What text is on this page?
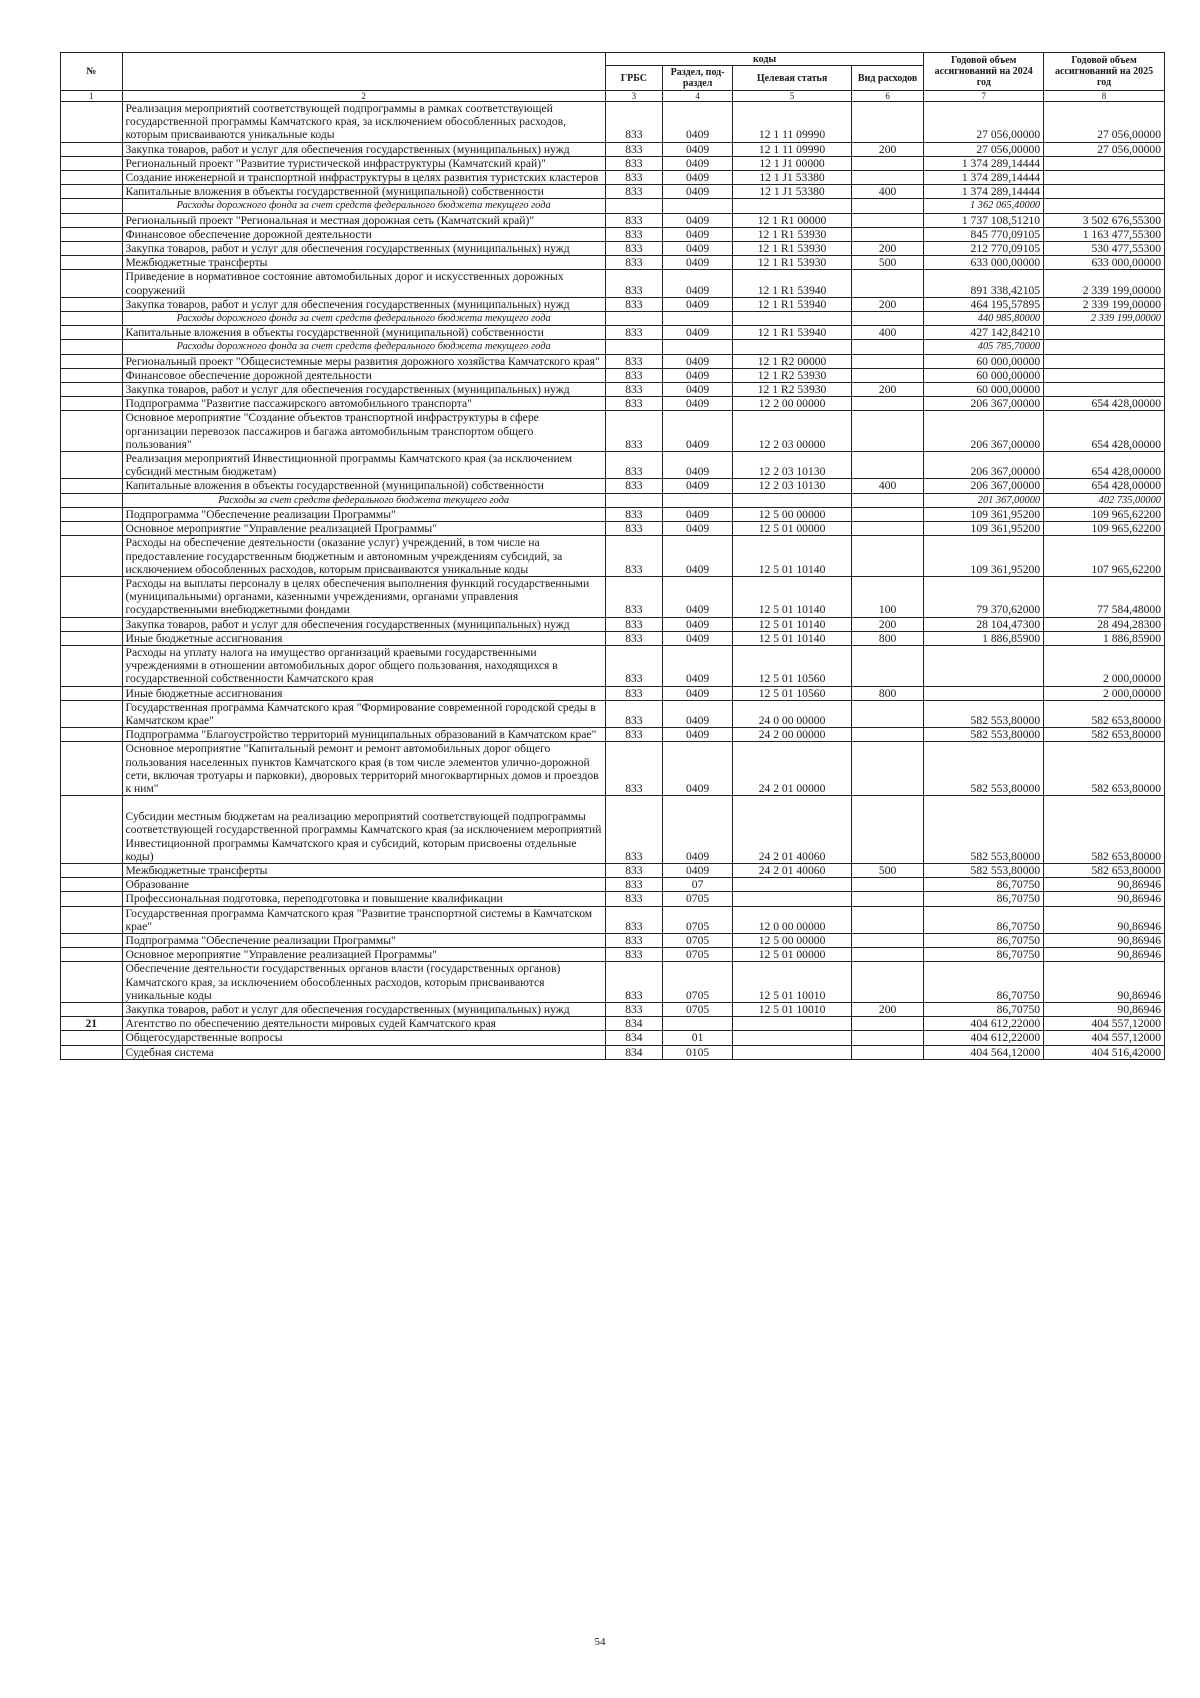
№		коды				Годовой объем ассигнований на 2024 год	Годовой объем ассигнований на 2025 год
		ГРБС	Раздел, под-раздел	Целевая статья	Вид расходов		
1	2	3	4	5	6	7	8
	Реализация мероприятий соответствующей подпрограммы в рамках соответствующей государственной программы Камчатского края, за исключением обособленных расходов, которым присваиваются уникальные коды	833	0409	12 1 11 09990		27 056,00000	27 056,00000
	Закупка товаров, работ и услуг для обеспечения государственных (муниципальных) нужд	833	0409	12 1 11 09990	200	27 056,00000	27 056,00000
	Региональный проект "Развитие туристической инфраструктуры (Камчатский край)"	833	0409	12 1 J1 00000		1 374 289,14444	
	Создание инженерной и транспортной инфраструктуры в целях развития туристских кластеров	833	0409	12 1 J1 53380		1 374 289,14444	
	Капитальные вложения в объекты государственной (муниципальной) собственности	833	0409	12 1 J1 53380	400	1 374 289,14444	
	Расходы дорожного фонда за счет средств федерального бюджета текущего года					1 362 065,40000	
	Региональный проект "Региональная и местная дорожная сеть (Камчатский край)"	833	0409	12 1 R1 00000		1 737 108,51210	3 502 676,55300
	Финансовое обеспечение дорожной деятельности	833	0409	12 1 R1 53930		845 770,09105	1 163 477,55300
	Закупка товаров, работ и услуг для обеспечения государственных (муниципальных) нужд	833	0409	12 1 R1 53930	200	212 770,09105	530 477,55300
	Межбюджетные трансферты	833	0409	12 1 R1 53930	500	633 000,00000	633 000,00000
	Приведение в нормативное состояние автомобильных дорог и искусственных дорожных сооружений	833	0409	12 1 R1 53940		891 338,42105	2 339 199,00000
	Закупка товаров, работ и услуг для обеспечения государственных (муниципальных) нужд	833	0409	12 1 R1 53940	200	464 195,57895	2 339 199,00000
	Расходы дорожного фонда за счет средств федерального бюджета текущего года					440 985,80000	2 339 199,00000
	Капитальные вложения в объекты государственной (муниципальной) собственности	833	0409	12 1 R1 53940	400	427 142,84210	
	Расходы дорожного фонда за счет средств федерального бюджета текущего года					405 785,70000	
	Региональный проект "Общесистемные меры развития дорожного хозяйства Камчатского края"	833	0409	12 1 R2 00000		60 000,00000	
	Финансовое обеспечение дорожной деятельности	833	0409	12 1 R2 53930		60 000,00000	
	Закупка товаров, работ и услуг для обеспечения государственных (муниципальных) нужд	833	0409	12 1 R2 53930	200	60 000,00000	
	Подпрограмма "Развитие пассажирского автомобильного транспорта"	833	0409	12 2 00 00000		206 367,00000	654 428,00000
	Основное мероприятие "Создание объектов транспортной инфраструктуры в сфере организации перевозок пассажиров и багажа автомобильным транспортом общего пользования"	833	0409	12 2 03 00000		206 367,00000	654 428,00000
	Реализация мероприятий Инвестиционной программы Камчатского края (за исключением субсидий местным бюджетам)	833	0409	12 2 03 10130		206 367,00000	654 428,00000
	Капитальные вложения в объекты государственной (муниципальной) собственности	833	0409	12 2 03 10130	400	206 367,00000	654 428,00000
	Расходы за счет средств федерального бюджета текущего года					201 367,00000	402 735,00000
	Подпрограмма "Обеспечение реализации Программы"	833	0409	12 5 00 00000		109 361,95200	109 965,62200
	Основное мероприятие "Управление реализацией Программы"	833	0409	12 5 01 00000		109 361,95200	109 965,62200
	Расходы на обеспечение деятельности (оказание услуг) учреждений, в том числе на предоставление государственным бюджетным и автономным учреждениям субсидий, за исключением обособленных расходов, которым присваиваются уникальные коды	833	0409	12 5 01 10140		109 361,95200	107 965,62200
	Расходы на выплаты персоналу в целях обеспечения выполнения функций государственными (муниципальными) органами, казенными учреждениями, органами управления государственными внебюджетными фондами	833	0409	12 5 01 10140	100	79 370,62000	77 584,48000
	Закупка товаров, работ и услуг для обеспечения государственных (муниципальных) нужд	833	0409	12 5 01 10140	200	28 104,47300	28 494,28300
	Иные бюджетные ассигнования	833	0409	12 5 01 10140	800	1 886,85900	1 886,85900
	Расходы на уплату налога на имущество организаций краевыми государственными учреждениями в отношении автомобильных дорог общего пользования, находящихся в государственной собственности Камчатского края	833	0409	12 5 01 10560			2 000,00000
	Иные бюджетные ассигнования	833	0409	12 5 01 10560	800		2 000,00000
	Государственная программа Камчатского края "Формирование современной городской среды в Камчатском крае"	833	0409	24 0 00 00000		582 553,80000	582 653,80000
	Подпрограмма "Благоустройство территорий муниципальных образований в Камчатском крае"	833	0409	24 2 00 00000		582 553,80000	582 653,80000
	Основное мероприятие "Капитальный ремонт и ремонт автомобильных дорог общего пользования населенных пунктов Камчатского края (в том числе элементов улично-дорожной сети, включая тротуары и парковки), дворовых территорий многоквартирных домов и проездов к ним"	833	0409	24 2 01 00000		582 553,80000	582 653,80000
	Субсидии местным бюджетам на реализацию мероприятий соответствующей подпрограммы соответствующей государственной программы Камчатского края (за исключением мероприятий Инвестиционной программы Камчатского края и субсидий, которым присвоены отдельные коды)	833	0409	24 2 01 40060		582 553,80000	582 653,80000
	Межбюджетные трансферты	833	0409	24 2 01 40060	500	582 553,80000	582 653,80000
	Образование	833	07			86,70750	90,86946
	Профессиональная подготовка, переподготовка и повышение квалификации	833	0705			86,70750	90,86946
	Государственная программа Камчатского края "Развитие транспортной системы в Камчатском крае"	833	0705	12 0 00 00000		86,70750	90,86946
	Подпрограмма "Обеспечение реализации Программы"	833	0705	12 5 00 00000		86,70750	90,86946
	Основное мероприятие "Управление реализацией Программы"	833	0705	12 5 01 00000		86,70750	90,86946
	Обеспечение деятельности государственных органов власти (государственных органов) Камчатского края, за исключением обособленных расходов, которым присваиваются уникальные коды	833	0705	12 5 01 10010		86,70750	90,86946
	Закупка товаров, работ и услуг для обеспечения государственных (муниципальных) нужд	833	0705	12 5 01 10010	200	86,70750	90,86946
21	Агентство по обеспечению деятельности мировых судей Камчатского края	834				404 612,22000	404 557,12000
	Общегосударственные вопросы	834	01			404 612,22000	404 557,12000
	Судебная система	834	0105			404 564,12000	404 516,42000
54
